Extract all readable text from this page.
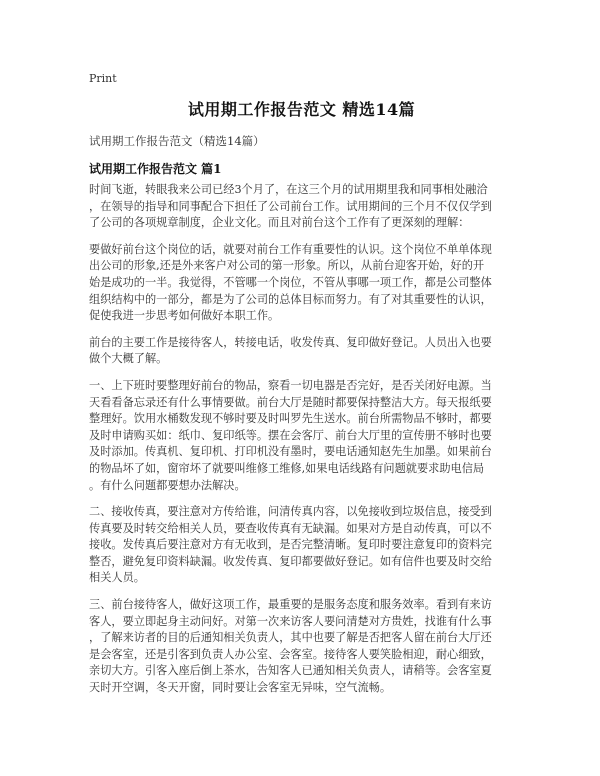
Print
试用期工作报告范文 精选14篇
试用期工作报告范文（精选14篇）
试用期工作报告范文 篇1

时间飞逝，转眼我来公司已经3个月了，在这三个月的试用期里我和同事相处融洽
，在领导的指导和同事配合下担任了公司前台工作。试用期间的三个月不仅仅学到
了公司的各项规章制度，企业文化。而且对前台这个工作有了更深刻的理解：

要做好前台这个岗位的话，就要对前台工作有重要性的认识。这个岗位不单单体现
出公司的形象,还是外来客户对公司的第一形象。所以，从前台迎客开始，好的开
始是成功的一半。我觉得，不管哪一个岗位，不管从事哪一项工作，都是公司整体
组织结构中的一部分，都是为了公司的总体目标而努力。有了对其重要性的认识，
促使我进一步思考如何做好本职工作。

前台的主要工作是接待客人，转接电话，收发传真、复印做好登记。人员出入也要
做个大概了解。

一、上下班时要整理好前台的物品，察看一切电器是否完好，是否关闭好电源。当
天看看备忘录还有什么事情要做。前台大厅是随时都要保持整洁大方。每天报纸要
整理好。饮用水桶数发现不够时要及时叫罗先生送水。前台所需物品不够时，都要
及时申请购买如：纸巾、复印纸等。摆在会客厅、前台大厅里的宣传册不够时也要
及时添加。传真机、复印机、打印机没有墨时，要电话通知赵先生加墨。如果前台
的物品坏了如，窗帘坏了就要叫维修工维修,如果电话线路有问题就要求助电信局
。有什么问题都要想办法解决。

二、接收传真，要注意对方传给谁，问清传真内容，以免接收到垃圾信息，接受到
传真要及时转交给相关人员，要查收传真有无缺漏。如果对方是自动传真，可以不
接收。发传真后要注意对方有无收到，是否完整清晰。复印时要注意复印的资料完
整否，避免复印资料缺漏。收发传真、复印都要做好登记。如有信件也要及时交给
相关人员。

三、前台接待客人，做好这项工作，最重要的是服务态度和服务效率。看到有来访
客人，要立即起身主动问好。对第一次来访客人要问清楚对方贵姓，找谁有什么事
，了解来访者的目的后通知相关负责人，其中也要了解是否把客人留在前台大厅还
是会客室，还是引客到负责人办公室、会客室。接待客人要笑脸相迎，耐心细致，
亲切大方。引客入座后倒上茶水，告知客人已通知相关负责人，请稍等。会客室夏
天时开空调，冬天开窗，同时要让会客室无异味，空气流畅。
